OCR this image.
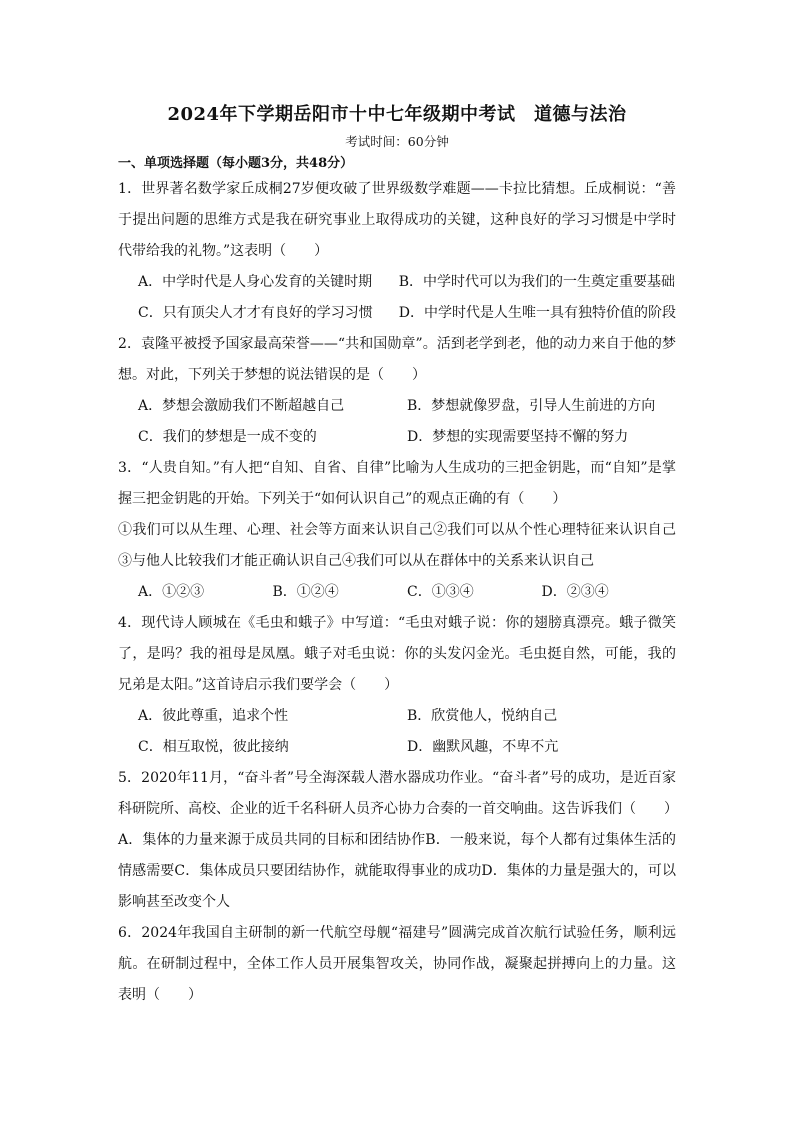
2024年下学期岳阳市十中七年级期中考试　道德与法治
考试时间：60分钟
一、单项选择题（每小题3分，共48分）
1．世界著名数学家丘成桐27岁便攻破了世界级数学难题——卡拉比猜想。丘成桐说：“善于提出问题的思维方式是我在研究事业上取得成功的关键，这种良好的学习习惯是中学时代带给我的礼物。”这表明（　　）
A．中学时代是人身心发育的关键时期	B．中学时代可以为我们的一生奠定重要基础
C．只有顶尖人才才有良好的学习习惯	D．中学时代是人生唯一具有独特价值的阶段
2．袁隆平被授予国家最高荣誉——“共和国勋章”。活到老学到老，他的动力来自于他的梦想。对此，下列关于梦想的说法错误的是（　　）
A．梦想会激励我们不断超越自己	B．梦想就像罗盘，引导人生前进的方向
C．我们的梦想是一成不变的	D．梦想的实现需要坚持不懈的努力
3．“人贵自知。”有人把“自知、自省、自律”比喻为人生成功的三把金钥匙，而“自知”是掌握三把金钥匙的开始。下列关于“如何认识自己”的观点正确的有（　　）
①我们可以从生理、心理、社会等方面来认识自己②我们可以从个性心理特征来认识自己③与他人比较我们才能正确认识自己④我们可以从在群体中的关系来认识自己
A．①②③	B．①②④	C．①③④	D．②③④
4．现代诗人顾城在《毛虫和蛾子》中写道：“毛虫对蛾子说：你的翅膀真漂亮。蛾子微笑了，是吗？我的祖母是凤凰。蛾子对毛虫说：你的头发闪金光。毛虫挺自然，可能，我的兄弟是太阳。”这首诗启示我们要学会（　　）
A．彼此尊重，追求个性	B．欣赏他人，悦纳自己
C．相互取悦，彼此接纳	D．幽默风趣，不卑不亢
5．2020年11月，“奋斗者”号全海深载人潜水器成功作业。“奋斗者”号的成功，是近百家科研院所、高校、企业的近千名科研人员齐心协力合奏的一首交响曲。这告诉我们（　　）
A．集体的力量来源于成员共同的目标和团结协作B．一般来说，每个人都有过集体生活的情感需要C．集体成员只要团结协作，就能取得事业的成功D．集体的力量是强大的，可以影响甚至改变个人
6．2024年我国自主研制的新一代航空母舰“福建号”圆满完成首次航行试验任务，顺利远航。在研制过程中，全体工作人员开展集智攻关，协同作战，凝聚起拼搏向上的力量。这表明（　　）
